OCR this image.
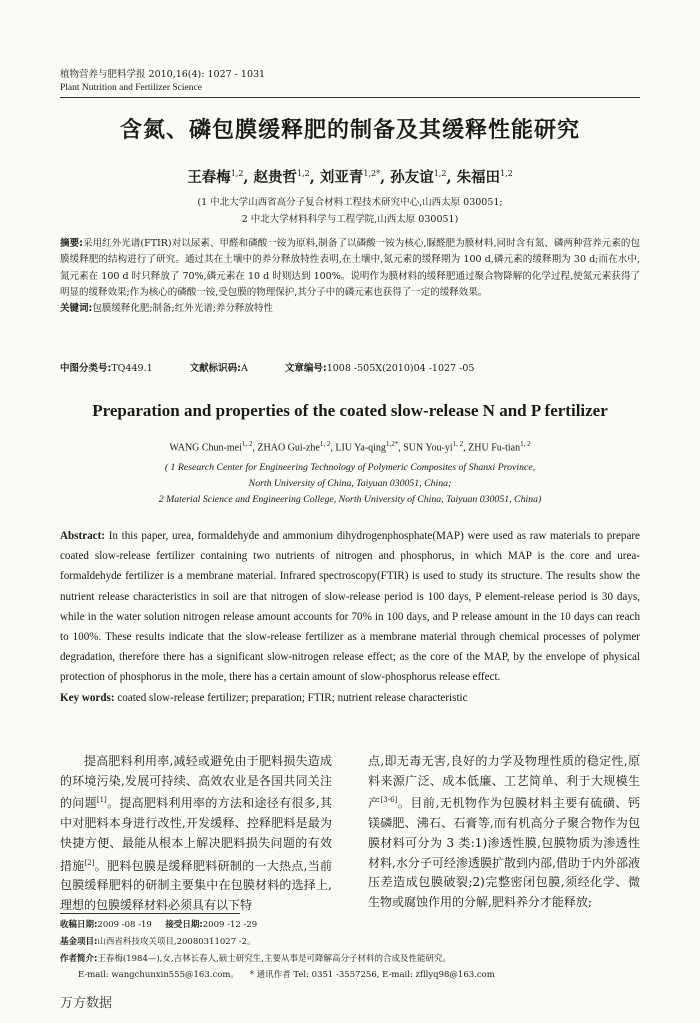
植物营养与肥料学报 2010,16(4): 1027 - 1031
Plant Nutrition and Fertilizer Science
含氮、磷包膜缓释肥的制备及其缓释性能研究
王春梅$^{1,2}$, 赵贵哲$^{1,2}$, 刘亚青$^{1,2*}$, 孙友谊$^{1,2}$, 朱福田$^{1,2}$
(1 中北大学山西省高分子复合材料工程技术研究中心,山西太原 030051;
2 中北大学材料科学与工程学院,山西太原 030051)

摘要:采用红外光谱(FTIR)对以尿素、甲醛和磷酸一铵为原料,制备了以磷酸一铵为核心,脲醛肥为膜材料,同时含有氮、磷两种营养元素的包膜缓释肥的结构进行了研究。通过其在土壤中的养分释放特性表明,在土壤中,氮元素的缓释期为 100 d,磷元素的缓释期为 30 d;而在水中,氮元素在 100 d 时只释放了 70%,磷元素在 10 d 时则达到 100%。说明作为膜材料的缓释肥通过聚合物降解的化学过程,使氮元素获得了明显的缓释效果;作为核心的磷酸一铵,受包膜的物理保护,其分子中的磷元素也获得了一定的缓释效果。

关键词:包膜缓释化肥;制备;红外光谱;养分释放特性

中图分类号:TQ449.1	文献标识码:A	文章编号:1008 -505X(2010)04 -1027 -05
Preparation and properties of the coated slow-release N and P fertilizer
WANG Chun-mei$^{1, 2}$, ZHAO Gui-zhe$^{1, 2}$, LIU Ya-qing$^{1,2*}$, SUN You-yi$^{1, 2}$, ZHU Fu-tian$^{1, 2}$
( 1 Research Center for Engineering Technology of Polymeric Composites of Shanxi Province,
North University of China, Taiyuan 030051, China;
2 Material Science and Engineering College, North University of China, Taiyuan 030051, China)

Abstract: In this paper, urea, formaldehyde and ammonium dihydrogenphosphate(MAP) were used as raw materials to prepare coated slow-release fertilizer containing two nutrients of nitrogen and phosphorus, in which MAP is the core and urea-formaldehyde fertilizer is a membrane material. Infrared spectroscopy(FTIR) is used to study its structure. The results show the nutrient release characteristics in soil are that nitrogen of slow-release period is 100 days, P element-release period is 30 days, while in the water solution nitrogen release amount accounts for 70% in 100 days, and P release amount in the 10 days can reach to 100%. These results indicate that the slow-release fertilizer as a membrane material through chemical processes of polymer degradation, therefore there has a significant slow-nitrogen release effect; as the core of the MAP, by the envelope of physical protection of phosphorus in the mole, there has a certain amount of slow-phosphorus release effect.

Key words: coated slow-release fertilizer; preparation; FTIR; nutrient release characteristic

提高肥料利用率,减轻或避免由于肥料损失造成的环境污染,发展可持续、高效农业是各国共同关注的问题[1]。提高肥料利用率的方法和途径有很多,其中对肥料本身进行改性,开发缓释、控释肥料是最为快捷方便、最能从根本上解决肥料损失问题的有效措施[2]。肥料包膜是缓释肥料研制的一大热点,当前包膜缓释肥料的研制主要集中在包膜材料的选择上,理想的包膜缓释材料必须具有以下特

点,即无毒无害,良好的力学及物理性质的稳定性,原料来源广泛、成本低廉、工艺简单、利于大规模生产[3-6]。目前,无机物作为包膜材料主要有硫磺、钙镁磷肥、沸石、石膏等,而有机高分子聚合物作为包膜材料可分为 3 类:1)渗透性膜,包膜物质为渗透性材料,水分子可经渗透膜扩散到内部,借助于内外部液压差造成包膜破裂;2)完整密闭包膜,须经化学、微生物或腐蚀作用的分解,肥料养分才能释放;

收稿日期:2009 -08 -19 接受日期:2009 -12 -29
基金项目:山西省科技攻关项目,20080311027 -2。
作者简介:王春梅(1984—),女,吉林长春人,硕士研究生,主要从事是可降解高分子材料的合成及性能研究。
E-mail: wangchunxin555@163.com。 * 通讯作者 Tel: 0351 -3557256, E-mail: zfllyq98@163.com
万方数据
